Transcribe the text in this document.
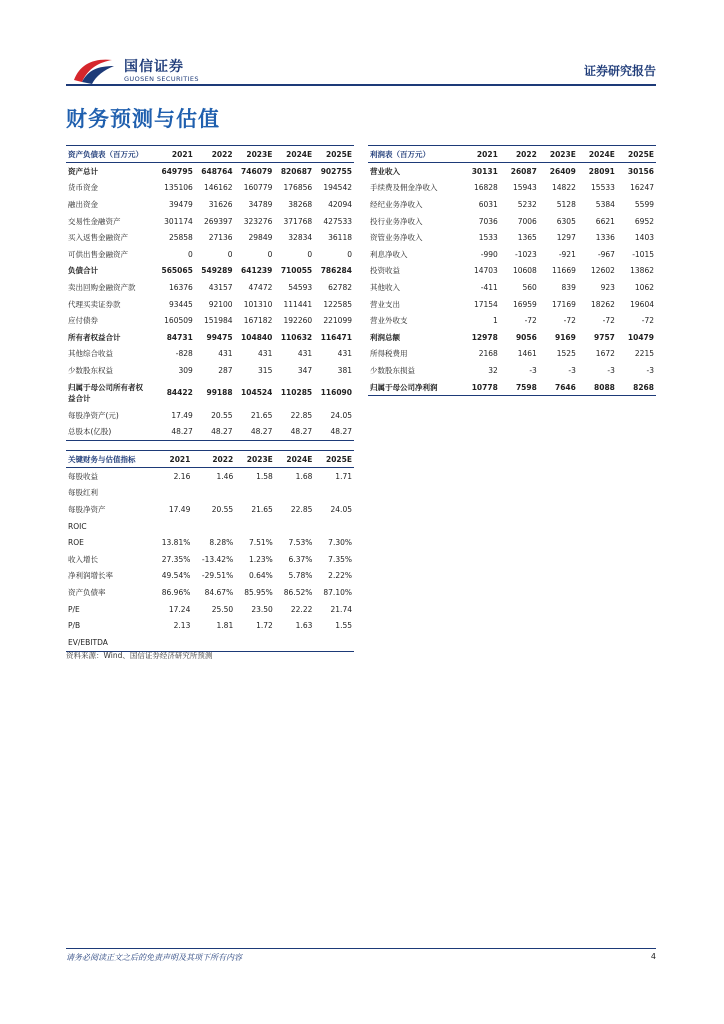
国信证券
GUOSEN SECURITIES
证券研究报告
财务预测与估值
资产负债表（百万元）	2021	2022	2023E	2024E	2025E
资产总计	649795	648764	746079	820687	902755
货币资金	135106	146162	160779	176856	194542
融出资金	39479	31626	34789	38268	42094
交易性金融资产	301174	269397	323276	371768	427533
买入返售金融资产	25858	27136	29849	32834	36118
可供出售金融资产	0	0	0	0	0
负债合计	565065	549289	641239	710055	786284
卖出回购金融资产款	16376	43157	47472	54593	62782
代理买卖证券款	93445	92100	101310	111441	122585
应付债券	160509	151984	167182	192260	221099
所有者权益合计	84731	99475	104840	110632	116471
其他综合收益	-828	431	431	431	431
少数股东权益	309	287	315	347	381
归属于母公司所有者权
益合计	84422	99188	104524	110285	116090
每股净资产(元)	17.49	20.55	21.65	22.85	24.05
总股本(亿股)	48.27	48.27	48.27	48.27	48.27
利润表（百万元）	2021	2022	2023E	2024E	2025E
营业收入	30131	26087	26409	28091	30156
手续费及佣金净收入	16828	15943	14822	15533	16247
经纪业务净收入	6031	5232	5128	5384	5599
投行业务净收入	7036	7006	6305	6621	6952
资管业务净收入	1533	1365	1297	1336	1403
利息净收入	-990	-1023	-921	-967	-1015
投资收益	14703	10608	11669	12602	13862
其他收入	-411	560	839	923	1062
营业支出	17154	16959	17169	18262	19604
营业外收支	1	-72	-72	-72	-72
利润总额	12978	9056	9169	9757	10479
所得税费用	2168	1461	1525	1672	2215
少数股东损益	32	-3	-3	-3	-3
归属于母公司净利润	10778	7598	7646	8088	8268
关键财务与估值指标	2021	2022	2023E	2024E	2025E
每股收益	2.16	1.46	1.58	1.68	1.71
每股红利					
每股净资产	17.49	20.55	21.65	22.85	24.05
ROIC					
ROE	13.81%	8.28%	7.51%	7.53%	7.30%
收入增长	27.35%	-13.42%	1.23%	6.37%	7.35%
净利润增长率	49.54%	-29.51%	0.64%	5.78%	2.22%
资产负债率	86.96%	84.67%	85.95%	86.52%	87.10%
P/E	17.24	25.50	23.50	22.22	21.74
P/B	2.13	1.81	1.72	1.63	1.55
EV/EBITDA					
资料来源：Wind、国信证券经济研究所预测
请务必阅读正文之后的免责声明及其项下所有内容	4
